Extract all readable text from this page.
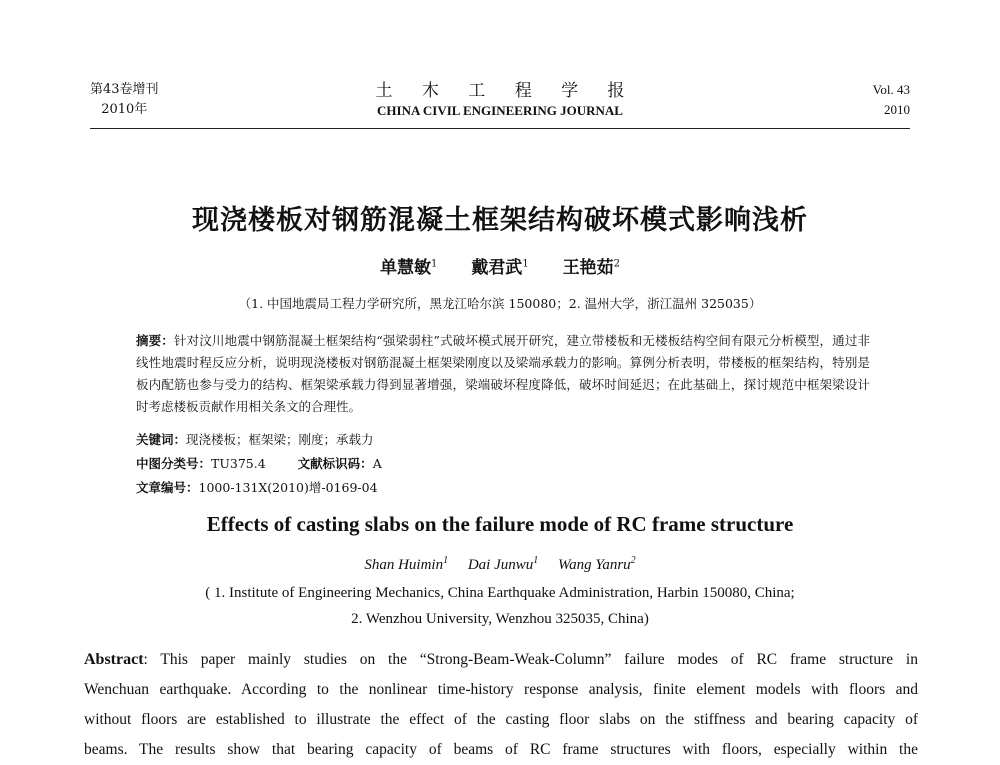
第43卷增刊
2010年
土 木 工 程 学 报
CHINA CIVIL ENGINEERING JOURNAL
Vol. 43
2010
现浇楼板对钢筋混凝土框架结构破坏模式影响浅析
单慧敏$^1$ 戴君武$^1$ 王艳茹$^2$
（1. 中国地震局工程力学研究所，黑龙江哈尔滨 150080；2. 温州大学，浙江温州 325035）
摘要：针对汶川地震中钢筋混凝土框架结构“强梁弱柱”式破坏模式展开研究，建立带楼板和无楼板结构空间有限元分析模型，通过非线性地震时程反应分析，说明现浇楼板对钢筋混凝土框架梁刚度以及梁端承载力的影响。算例分析表明，带楼板的框架结构，特别是板内配筋也参与受力的结构、框架梁承载力得到显著增强，梁端破坏程度降低，破坏时间延迟；在此基础上，探讨规范中框架梁设计时考虑楼板贡献作用相关条文的合理性。
关键词：现浇楼板；框架梁；刚度；承载力
中图分类号：TU375.4	文献标识码：A
文章编号：1000-131X(2010)增-0169-04
Effects of casting slabs on the failure mode of RC frame structure
Shan Huimin$^1$ Dai Junwu$^1$ Wang Yanru$^2$
( 1. Institute of Engineering Mechanics, China Earthquake Administration, Harbin 150080, China;
2. Wenzhou University, Wenzhou 325035, China)
Abstract: This paper mainly studies on the “Strong-Beam-Weak-Column” failure modes of RC frame structure in
Wenchuan earthquake. According to the nonlinear time-history response analysis, finite element models with floors and
without floors are established to illustrate the effect of the casting floor slabs on the stiffness and bearing capacity of
beams. The results show that bearing capacity of beams of RC frame structures with floors, especially within the
